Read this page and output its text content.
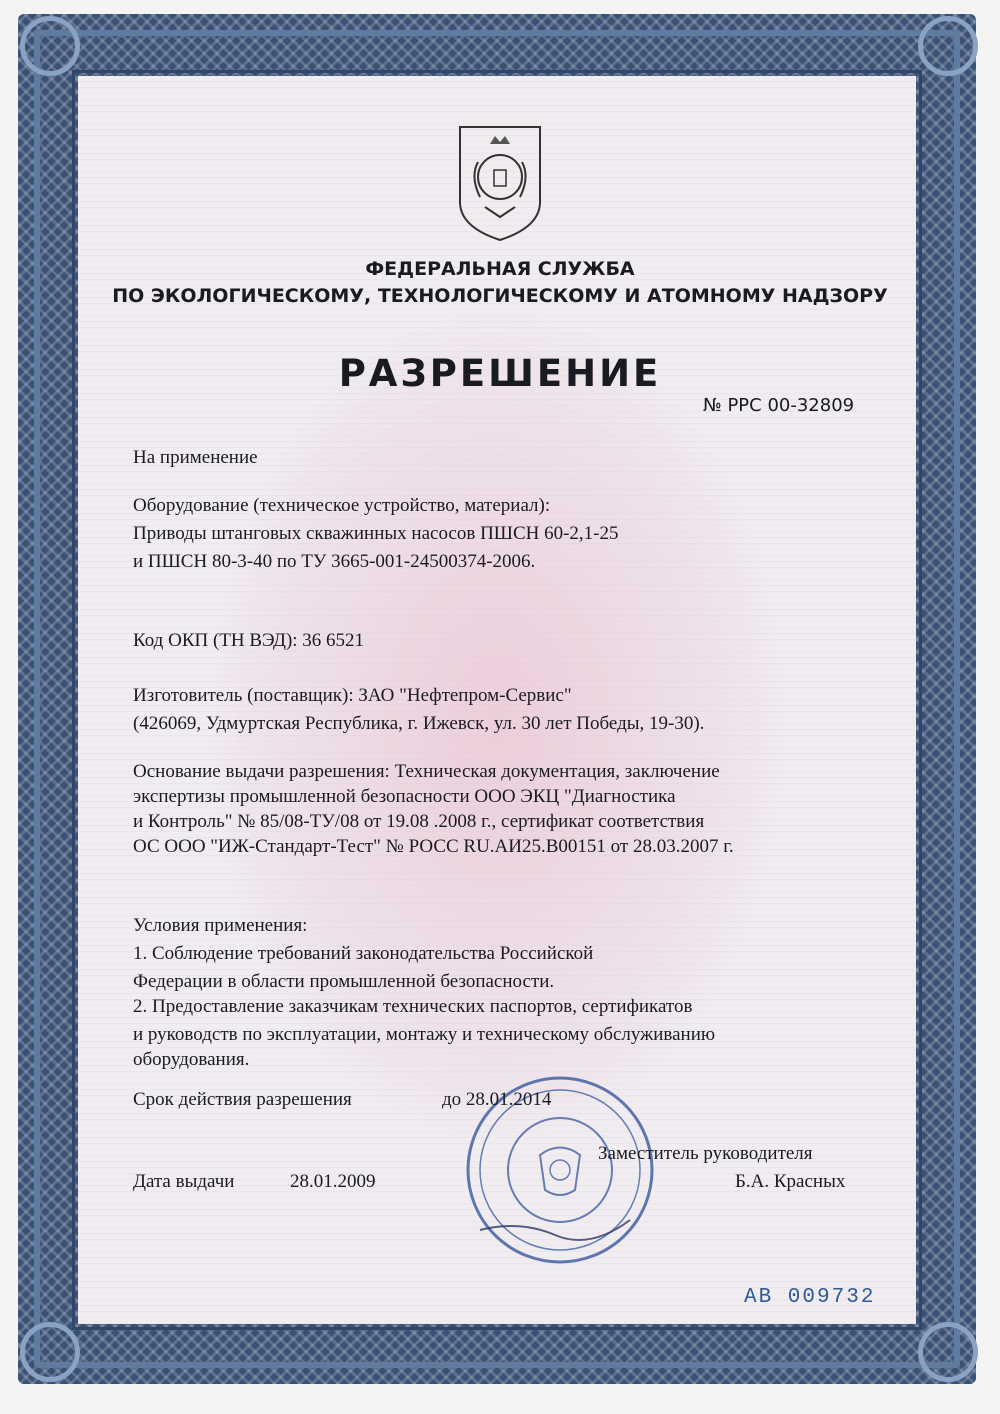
ФЕДЕРАЛЬНАЯ СЛУЖБА
ПО ЭКОЛОГИЧЕСКОМУ, ТЕХНОЛОГИЧЕСКОМУ И АТОМНОМУ НАДЗОРУ
РАЗРЕШЕНИЕ
№ РРС 00-32809
На применение
Оборудование (техническое устройство, материал):
Приводы штанговых скважинных насосов ПШСН 60-2,1-25
и ПШСН 80-3-40 по ТУ 3665-001-24500374-2006.
Код ОКП (ТН ВЭД): 36 6521
Изготовитель (поставщик): ЗАО "Нефтепром-Сервис"
(426069, Удмуртская Республика, г. Ижевск, ул. 30 лет Победы, 19-30).
Основание выдачи разрешения: Техническая документация, заключение
экспертизы промышленной безопасности ООО ЭКЦ "Диагностика
и Контроль" № 85/08-ТУ/08 от 19.08 .2008 г., сертификат соответствия
ОС ООО "ИЖ-Стандарт-Тест" № РОСС RU.АИ25.В00151 от 28.03.2007 г.
Условия применения:
1. Соблюдение требований законодательства Российской
Федерации в области промышленной безопасности.
2. Предоставление заказчикам технических паспортов, сертификатов
и руководств по эксплуатации, монтажу и техническому обслуживанию
оборудования.
Срок действия разрешения	до 28.01.2014
Заместитель руководителя
Дата выдачи	28.01.2009	Б.А. Красных
АВ 009732
